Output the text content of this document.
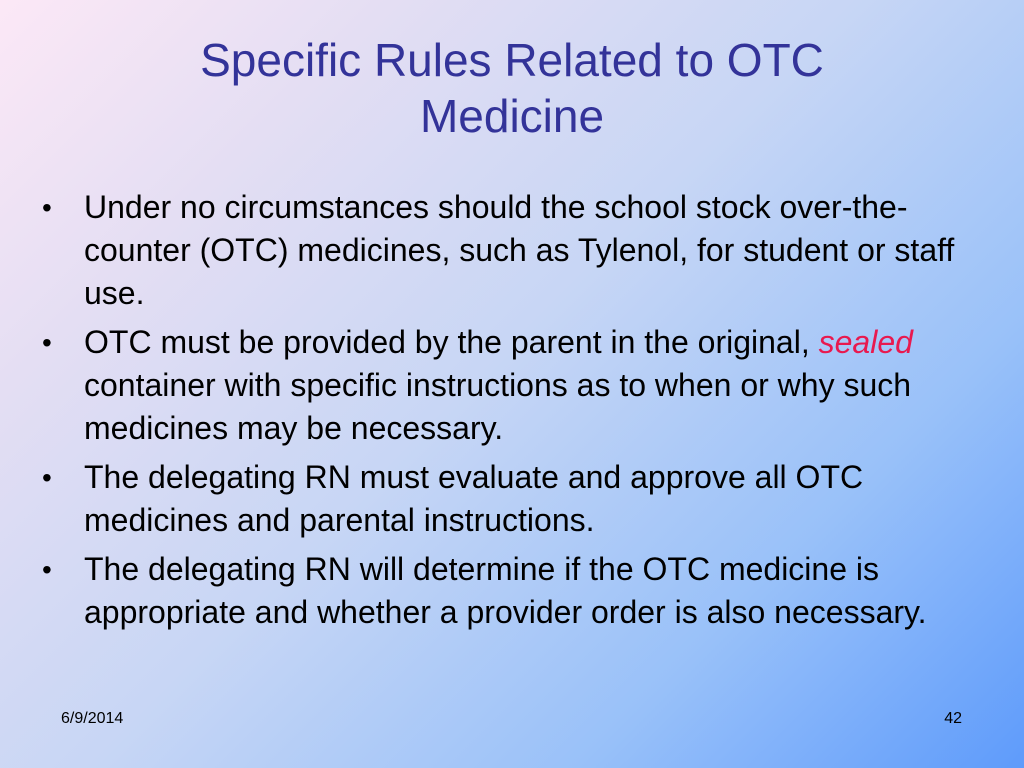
Specific Rules Related to OTC
Medicine
• Under no circumstances should the school stock over-the-counter (OTC) medicines, such as Tylenol, for student or staff use.
• OTC must be provided by the parent in the original, sealed container with specific instructions as to when or why such medicines may be necessary.
• The delegating RN must evaluate and approve all OTC medicines and parental instructions.
• The delegating RN will determine if the OTC medicine is appropriate and whether a provider order is also necessary.
6/9/2014	42
